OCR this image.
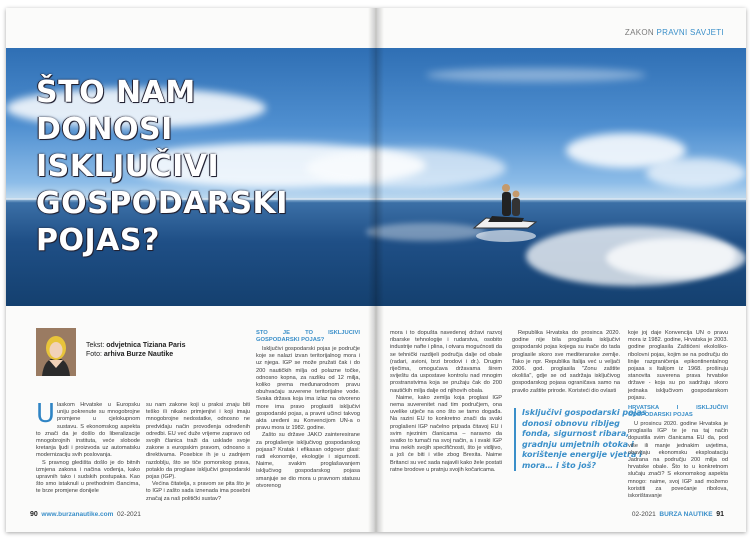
ZAKON PRAVNI SAVJETI
ŠTO NAM
DONOSI
ISKLJUČIVI
GOSPODARSKI
POJAS?
Tekst: odvjetnica Tiziana Paris
Foto: arhiva Burze Nautike

Ulaskom Hrvatske u Europsku uniju pokrenute su mnogobrojne promjene u cjelokupnom sustavu. S ekonomskog aspekta to znači da je došlo do liberalizacije mnogobrojnih instituta, veće slobode kretanja ljudi i proizvoda uz automatsku modernizaciju svih poslovanja.

S pravnog gledišta došlo je do bitnih izmjena zakona i načina vođenja, kako upravnih tako i sudskih postupaka. Kao što smo istaknuli u prethodnim člancima, te brze promjene donijele

su nam zakone koji u praksi znaju biti teško ili nikako primjenjivi i koji imaju mnogobrojne nedostatke, odnosno ne predviđaju način provođenja određenih odredbi. EU već duže vrijeme zapravo od svojih članica traži da usklade svoje zakone s europskim pravom, odnosno s direktivama. Posebice ih je u zadnjem razdoblju, što se tiče pomorskog prava, potaklo da proglase isključivi gospodarski pojas (IGP).

Većina čitatelja, s pravom se pita što je to IGP i zašto sada iznenada ima posebni značaj za naš politički sustav?

ŠTO JE TO ISKLJUČIVI GOSPODARSKI POJAS?

Isključivi gospodarski pojas je područje koje se nalazi izvan teritorijalnog mora i uz njega. IGP se može pružati čak i do 200 nautičkih milja od polazne točke, odnosno kopna, za razliku od 12 milja, koliko prema međunarodnom pravu obuhvaćaju suverene teritorijalne vode. Svaka država koja ima izlaz na otvoreno more ima pravo proglasiti isključivi gospodarski pojas, a pravni učinci takvog akta uređeni su Konvencijom UN-a o pravu mora iz 1982. godine.

Zašto su države JAKO zainteresirane za proglašenje isključivog gospodarskog pojasa? Kratak i efikasan odgovor glasi: radi ekonomije, ekologije i sigurnosti. Naime, svakim proglašavanjem isključivog gospodarskog pojasa smanjuje se dio mora u pravnom statusu otvorenog

mora i to dopušta navedenoj državi razvoj ribarske tehnologije i rudarstva, osobito industrije nafte i plina, i otvara mogućnosti da se tehnički razdijeli područja dalje od obale (radari, avioni, brzi brodovi i dr.). Drugim riječima, omogućava državama širem sviještu da uspostave kontrolu nad mnogim prostranstvima koja se pružaju čak do 200 nautičkih milja dalje od njihovih obala.

Naime, kako zemlja koja proglasi IGP nema suverenitet nad tim područjem, ona uvelike utječe na ono što se tamo događa. Na razini EU to konkretno znači da svaki proglašeni IGP načelno pripada čitavoj EU i svim njezinim članicama – naravno da svatko to tumači na svoj način, a i svaki IGP ima nekih svojih specifičnosti, što je vidljivo, a još će biti i više zbog Brexita. Naime Britanci su već sada najavili kako žele postati ratne brodove u pratnju svojih kočaricama.

Republika Hrvatska do prosinca 2020. godine nije bila proglasila isključivi gospodarski pojas kojega su inače do tada proglasile skoro sve mediteranske zemlje. Tako je npr. Republika Italija već u veljači 2006. god. proglasila "Zonu zaštite okoliša", gdje se od sadržaja isključivog gospodarskog pojasa ograničava samo na pravilo zaštite prirode. Koristeći dio ovlasti

Isključivi gospodarski pojas donosi obnovu ribljeg fonda, sigurnost ribara, gradnju umjetnih otoka i korištenje energije vjetra i mora… i što još?

koje joj daje Konvencija UN o pravu mora iz 1982. godine, Hrvatska je 2003. godine proglasila Zaštićeni ekološko-ribolovni pojas, kojim se na području do linije razgraničenja epikontinentalnog pojasa s Italijom iz 1968. proširuju stanovita suverena prava hrvatske države - koja su po sadržaju skoro jednaka isključivom gospodarskom pojasu.

HRVATSKA I ISKLJUČIVI GOSPODARSKI POJAS

U prosincu 2020. godine Hrvatska je proglasila IGP te je na taj način dopustila svim članicama EU da, pod više ili manje jednakim uvjetima, obavljaju ekonomsku eksploataciju Jadrana na području 200 milja od hrvatske obale. Što to u konkretnom slučaju znači? S ekonomskog aspekta mnogo: naime, svoj IGP sad možemo koristiti za povećanje ribolova, iskorištavanje

90 www.burzanautike.com 02-2021	02-2021 BURZA NAUTIKE 91
